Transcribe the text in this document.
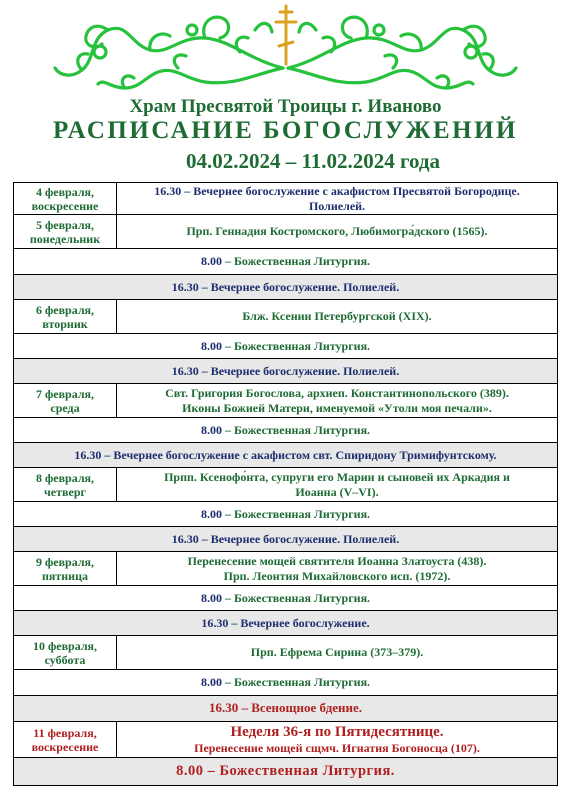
Храм Пресвятой Троицы г. Иваново
РАСПИСАНИЕ БОГОСЛУЖЕНИЙ
04.02.2024 – 11.02.2024 года
4 февраля,
воскресение
16.30 – Вечернее богослужение с акафистом Пресвятой Богородице.
Полиелей.
5 февраля,
понедельник
Прп. Геннадия Костромского, Любимогра́дского (1565).
8.00 – Божественная Литургия.
16.30 – Вечернее богослужение. Полиелей.
6 февраля,
вторник
Блж. Ксении Петербургской (XIX).
8.00 – Божественная Литургия.
16.30 – Вечернее богослужение. Полиелей.
7 февраля,
среда
Свт. Григория Богослова, архиеп. Константинопольского (389).
Иконы Божией Матери, именуемой «Утоли моя печали».
8.00 – Божественная Литургия.
16.30 – Вечернее богослужение с акафистом свт. Спиридону Тримифунтскому.
8 февраля,
четверг
Прпп. Ксенофо́нта, супруги его Марии и сыновей их Аркадия и
Иоанна (V–VI).
8.00 – Божественная Литургия.
16.30 – Вечернее богослужение. Полиелей.
9 февраля,
пятница
Перенесение мощей святителя Иоанна Златоуста (438).
Прп. Леонтия Михайловского исп. (1972).
8.00 – Божественная Литургия.
16.30 – Вечернее богослужение.
10 февраля,
суббота
Прп. Ефрема Сирина (373–379).
8.00 – Божественная Литургия.
16.30 – Всенощное бдение.
11 февраля,
воскресение
Неделя 36-я по Пятидесятнице.
Перенесение мощей сщмч. Игнатия Богоносца (107).
8.00 – Божественная Литургия.
